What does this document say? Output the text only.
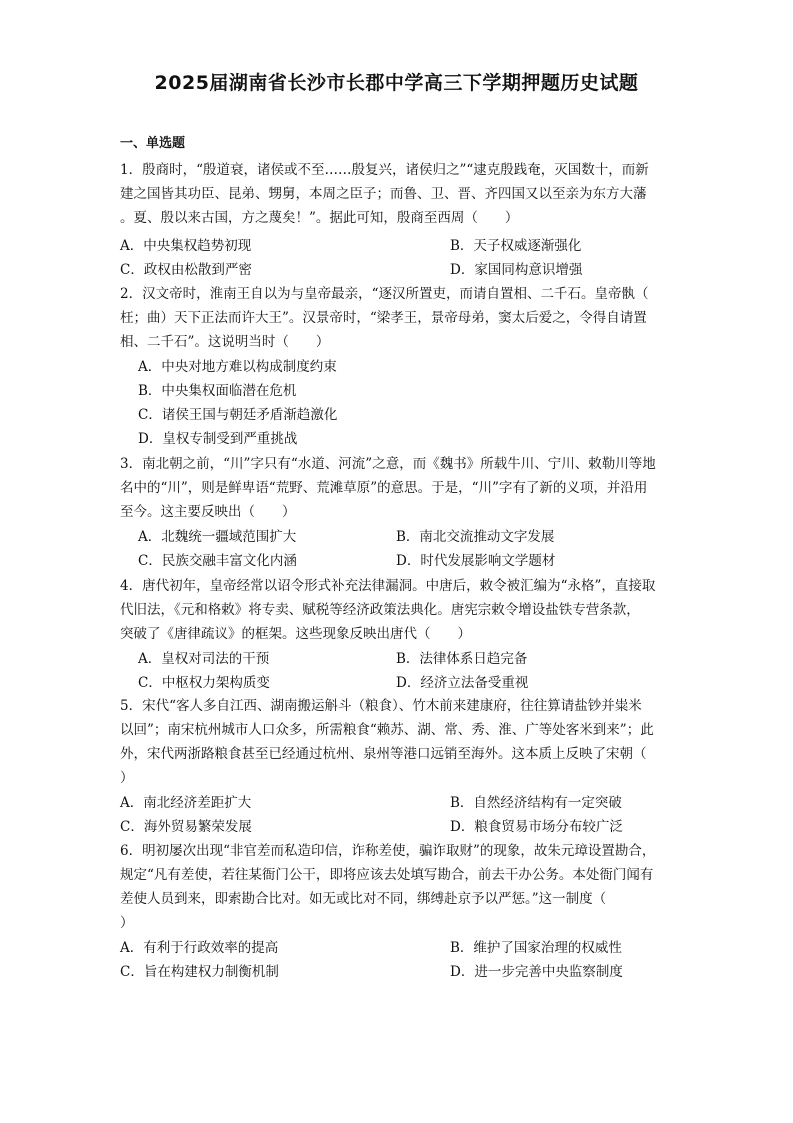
2025届湖南省长沙市长郡中学高三下学期押题历史试题
一、单选题
1．殷商时，“殷道衰，诸侯或不至……殷复兴，诸侯归之”“逮克殷践奄，灭国数十，而新
建之国皆其功臣、昆弟、甥舅，本周之臣子；而鲁、卫、晋、齐四国又以至亲为东方大藩
。夏、殷以来古国，方之蔑矣！”。据此可知，殷商至西周（　　）
A．中央集权趋势初现	B．天子权威逐渐强化
C．政权由松散到严密	D．家国同构意识增强
2．汉文帝时，淮南王自以为与皇帝最亲，“逐汉所置吏，而请自置相、二千石。皇帝骫（
枉；曲）天下正法而许大王”。汉景帝时，“梁孝王，景帝母弟，窦太后爱之，令得自请置
相、二千石”。这说明当时（　　）
A．中央对地方难以构成制度约束
B．中央集权面临潜在危机
C．诸侯王国与朝廷矛盾渐趋激化
D．皇权专制受到严重挑战
3．南北朝之前，“川”字只有“水道、河流”之意，而《魏书》所载牛川、宁川、敕勒川等地
名中的“川”，则是鲜卑语“荒野、荒滩草原”的意思。于是，“川”字有了新的义项，并沿用
至今。这主要反映出（　　）
A．北魏统一疆域范围扩大	B．南北交流推动文字发展
C．民族交融丰富文化内涵	D．时代发展影响文学题材
4．唐代初年，皇帝经常以诏令形式补充法律漏洞。中唐后，敕令被汇编为“永格”，直接取
代旧法，《元和格敕》将专卖、赋税等经济政策法典化。唐宪宗敕令增设盐铁专营条款，
突破了《唐律疏议》的框架。这些现象反映出唐代（　　）
A．皇权对司法的干预	B．法律体系日趋完备
C．中枢权力架构质变	D．经济立法备受重视
5．宋代“客人多自江西、湖南搬运斛斗（粮食）、竹木前来建康府，往往算请盐钞并粜米
以回”；南宋杭州城市人口众多，所需粮食“赖苏、湖、常、秀、淮、广等处客米到来”；此
外，宋代两浙路粮食甚至已经通过杭州、泉州等港口远销至海外。这本质上反映了宋朝（
）
A．南北经济差距扩大	B．自然经济结构有一定突破
C．海外贸易繁荣发展	D．粮食贸易市场分布较广泛
6．明初屡次出现“非官差而私造印信，诈称差使，骗诈取财”的现象，故朱元璋设置勘合，
规定“凡有差使，若往某衙门公干，即将应该去处填写勘合，前去干办公务。本处衙门闻有
差使人员到来，即索勘合比对。如无或比对不同，绑缚赴京予以严惩。”这一制度（
）
A．有利于行政效率的提高	B．维护了国家治理的权威性
C．旨在构建权力制衡机制	D．进一步完善中央监察制度
